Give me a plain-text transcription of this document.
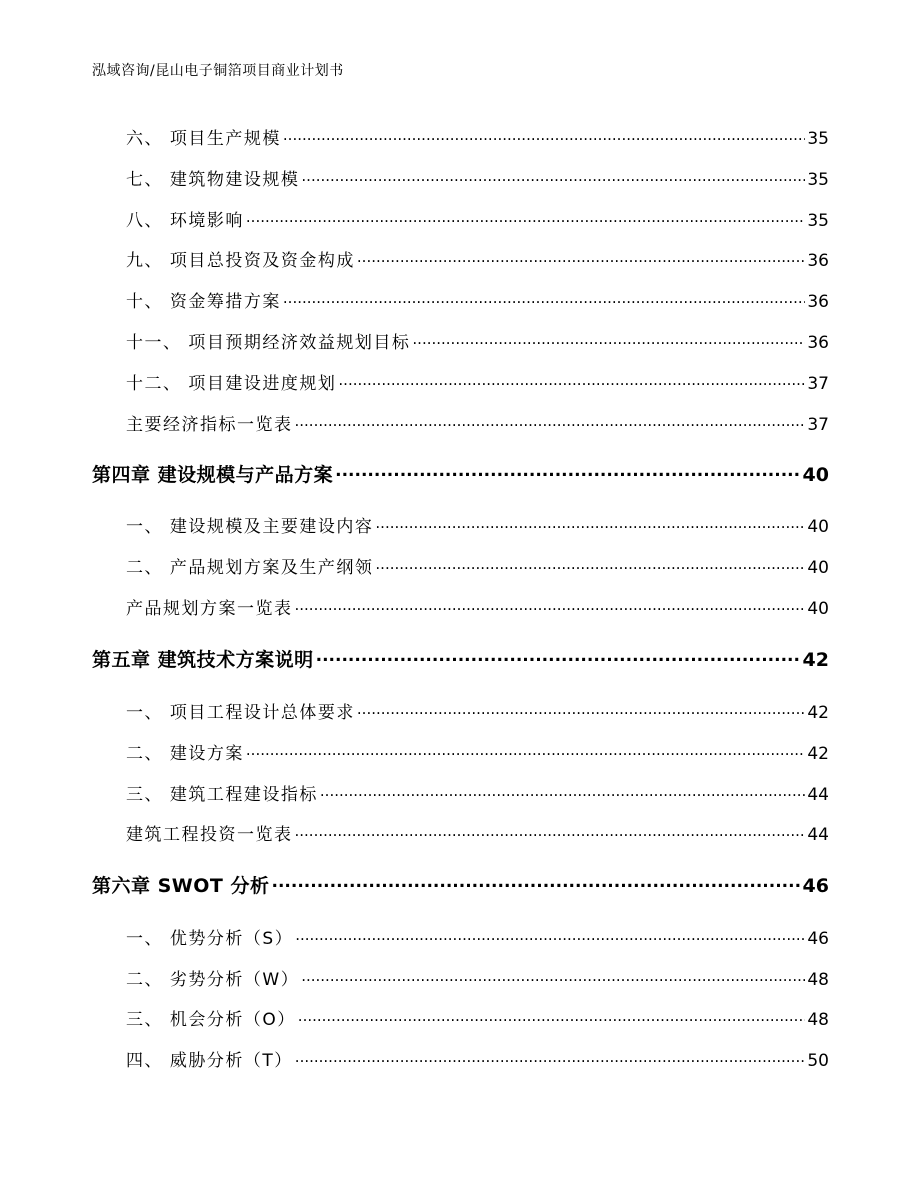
泓域咨询/昆山电子铜箔项目商业计划书
六、 项目生产规模 .....	35
七、 建筑物建设规模 .....	35
八、 环境影响 .....	35
九、 项目总投资及资金构成 .....	36
十、 资金筹措方案 .....	36
十一、 项目预期经济效益规划目标 .....	36
十二、 项目建设进度规划 .....	37
主要经济指标一览表 .....	37
第四章 建设规模与产品方案 .....	40
一、 建设规模及主要建设内容 .....	40
二、 产品规划方案及生产纲领 .....	40
产品规划方案一览表 .....	40
第五章 建筑技术方案说明 .....	42
一、 项目工程设计总体要求 .....	42
二、 建设方案 .....	42
三、 建筑工程建设指标 .....	44
建筑工程投资一览表 .....	44
第六章 SWOT 分析 .....	46
一、 优势分析（S） .....	46
二、 劣势分析（W） .....	48
三、 机会分析（O） .....	48
四、 威胁分析（T） .....	50
